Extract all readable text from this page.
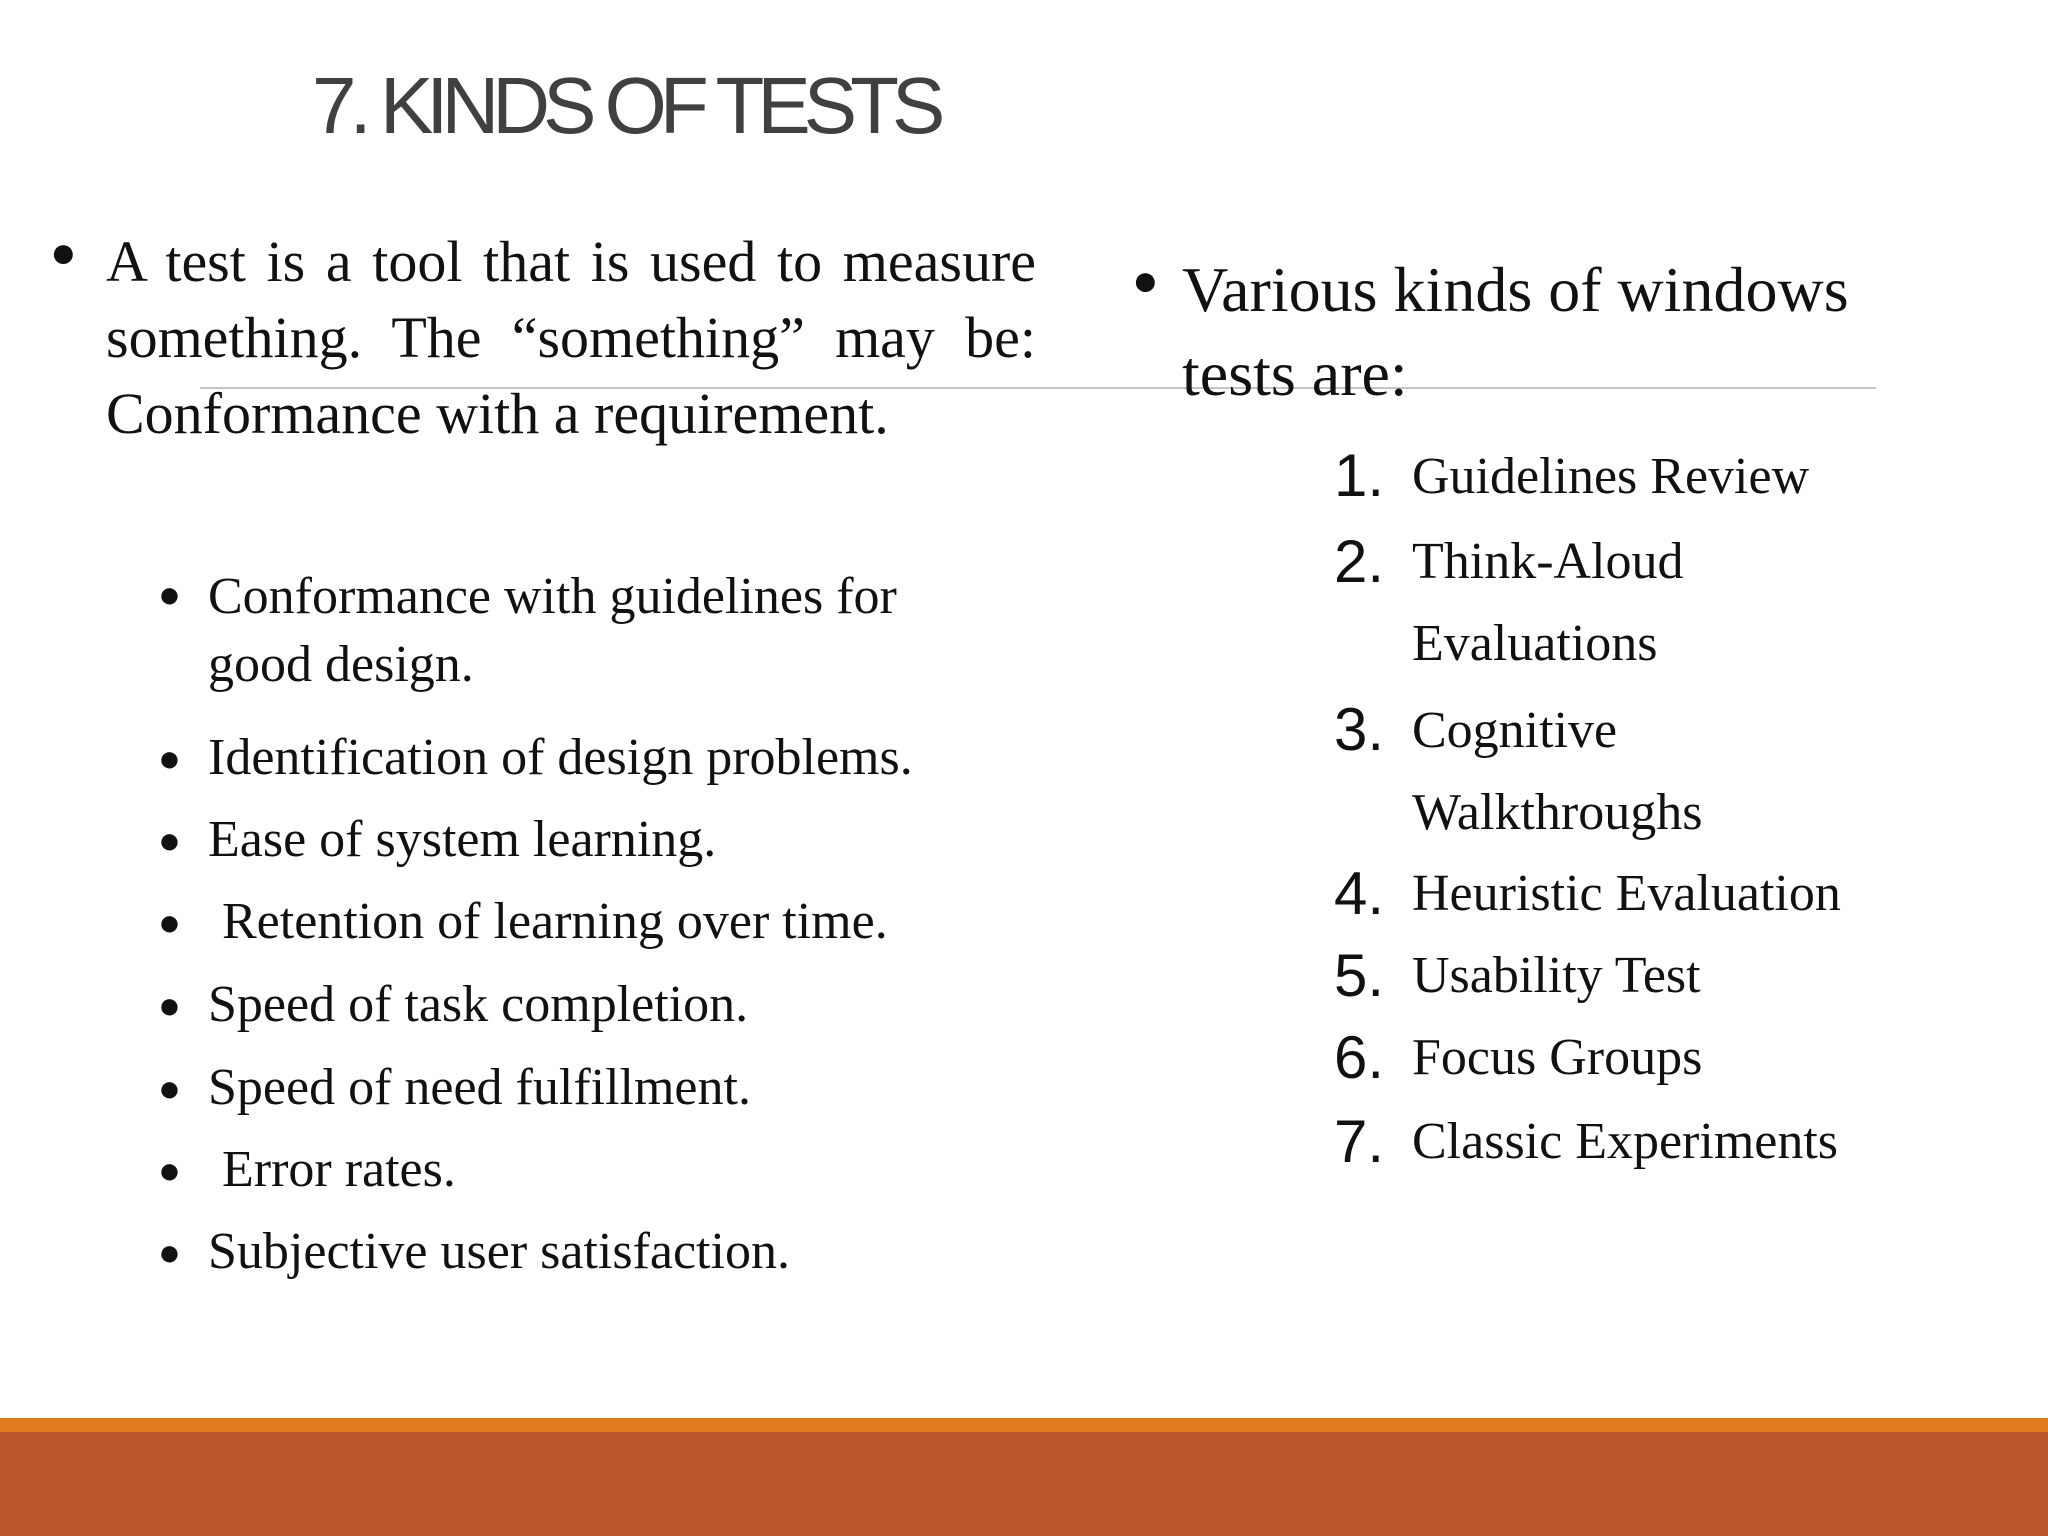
7. KINDS OF TESTS
● A test is a tool that is used to measure something. The “something” may be: Conformance with a requirement.
● Conformance with guidelines for good design.
● Identification of design problems.
● Ease of system learning.
● Retention of learning over time.
● Speed of task completion.
● Speed of need fulfillment.
● Error rates.
● Subjective user satisfaction.
● Various kinds of windows tests are:
1. Guidelines Review
2. Think-Aloud Evaluations
3. Cognitive Walkthroughs
4. Heuristic Evaluation
5. Usability Test
6. Focus Groups
7. Classic Experiments
